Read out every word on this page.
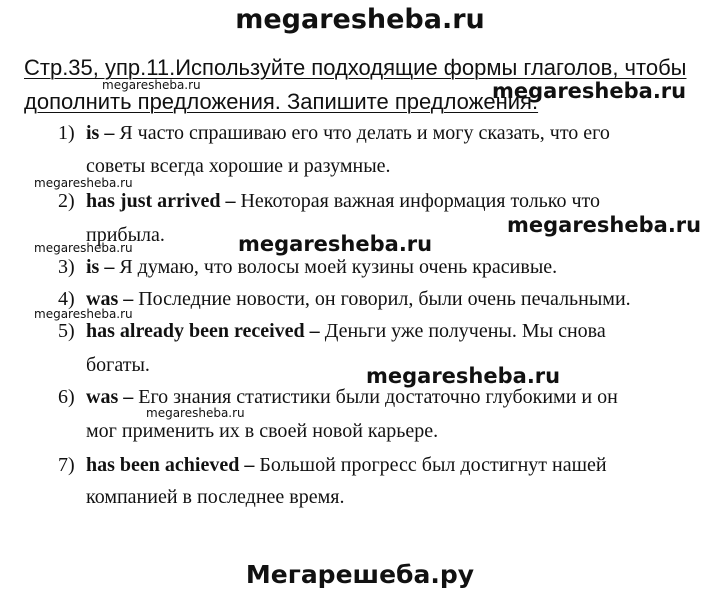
megaresheba.ru
Стр.35, упр.11.Используйте подходящие формы глаголов, чтобы
дополнить предложения. Запишите предложения.
1) is – Я часто спрашиваю его что делать и могу сказать, что его
советы всегда хорошие и разумные.
2) has just arrived – Некоторая важная информация только что
прибыла.
3) is – Я думаю, что волосы моей кузины очень красивые.
4) was – Последние новости, он говорил, были очень печальными.
5) has already been received – Деньги уже получены. Мы снова
богаты.
6) was – Его знания статистики были достаточно глубокими и он
мог применить их в своей новой карьере.
7) has been achieved – Большой прогресс был достигнут нашей
компанией в последнее время.
megaresheba.ru	megaresheba.ru
megaresheba.ru
megaresheba.ru
megaresheba.ru
megaresheba.ru
megaresheba.ru
megaresheba.ru
megaresheba.ru
Мегарешеба.ру
